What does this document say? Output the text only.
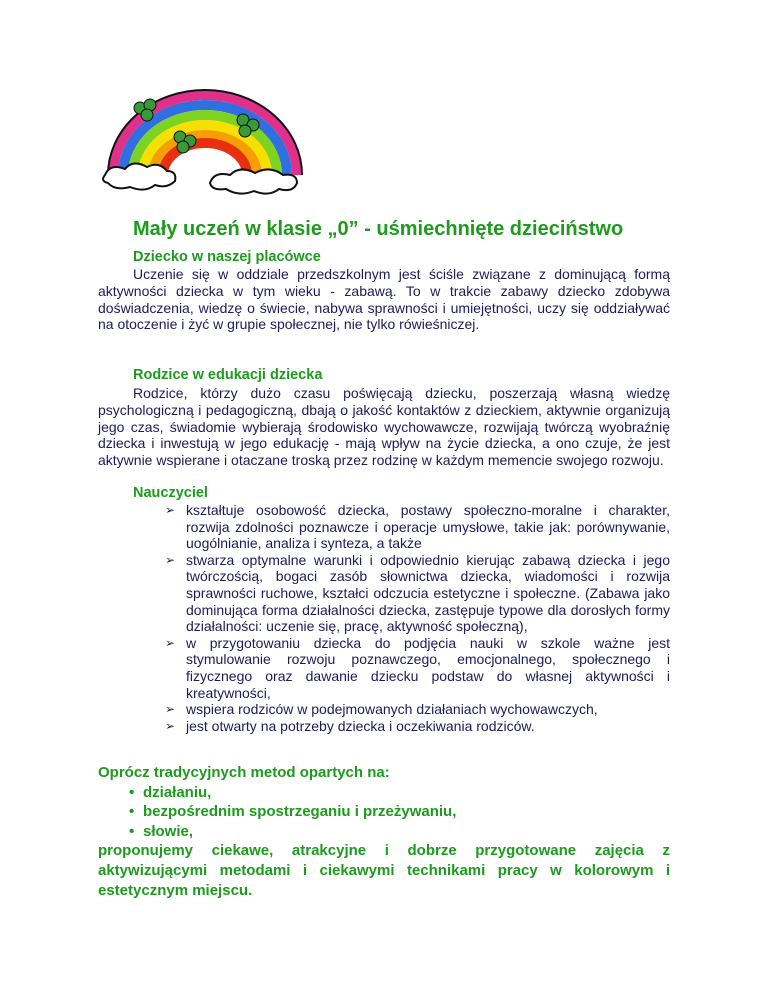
Mały uczeń w klasie „0” - uśmiechnięte dzieciństwo
Dziecko w naszej placówce

Uczenie się w oddziale przedszkolnym jest ściśle związane z dominującą formą aktywności dziecka w tym wieku - zabawą. To w trakcie zabawy dziecko zdobywa doświadczenia, wiedzę o świecie, nabywa sprawności i umiejętności, uczy się oddziaływać na otoczenie i żyć w grupie społecznej, nie tylko rówieśniczej.

Rodzice w edukacji dziecka

Rodzice, którzy dużo czasu poświęcają dziecku, poszerzają własną wiedzę psychologiczną i pedagogiczną, dbają o jakość kontaktów z dzieckiem, aktywnie organizują jego czas, świadomie wybierają środowisko wychowawcze, rozwijają twórczą wyobraźnię dziecka i inwestują w jego edukację - mają wpływ na życie dziecka, a ono czuje, że jest aktywnie wspierane i otaczane troską przez rodzinę w każdym memencie swojego rozwoju.

Nauczyciel
➢ kształtuje osobowość dziecka, postawy społeczno-moralne i charakter, rozwija zdolności poznawcze i operacje umysłowe, takie jak: porównywanie, uogólnianie, analiza i synteza, a także
➢ stwarza optymalne warunki i odpowiednio kierując zabawą dziecka i jego twórczością, bogaci zasób słownictwa dziecka, wiadomości i rozwija sprawności ruchowe, kształci odczucia estetyczne i społeczne. (Zabawa jako dominująca forma działalności dziecka, zastępuje typowe dla dorosłych formy działalności: uczenie się, pracę, aktywność społeczną),
➢ w przygotowaniu dziecka do podjęcia nauki w szkole ważne jest stymulowanie rozwoju poznawczego, emocjonalnego, społecznego i fizycznego oraz dawanie dziecku podstaw do własnej aktywności i kreatywności,
➢ wspiera rodziców w podejmowanych działaniach wychowawczych,
➢ jest otwarty na potrzeby dziecka i oczekiwania rodziców.
Oprócz tradycyjnych metod opartych na:
• działaniu,
• bezpośrednim spostrzeganiu i przeżywaniu,
• słowie,
proponujemy ciekawe, atrakcyjne i dobrze przygotowane zajęcia z aktywizującymi metodami i ciekawymi technikami pracy w kolorowym i estetycznym miejscu.
